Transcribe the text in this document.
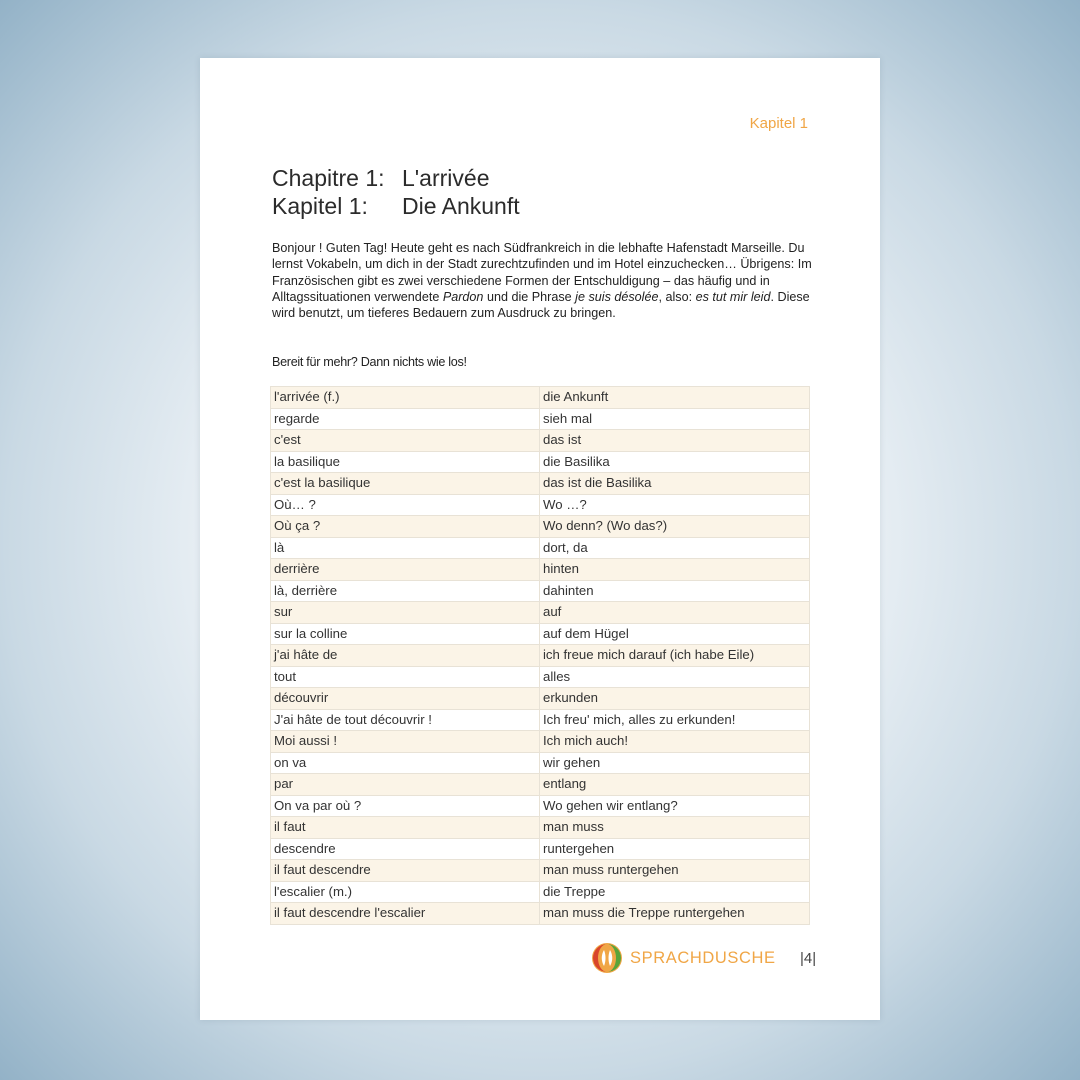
Kapitel 1
Chapitre 1: L'arrivée
Kapitel 1:	Die Ankunft
Bonjour ! Guten Tag! Heute geht es nach Südfrankreich in die lebhafte Hafenstadt Marseille. Du lernst Vokabeln, um dich in der Stadt zurechtzufinden und im Hotel einzuchecken… Übrigens: Im Französischen gibt es zwei verschiedene Formen der Entschuldigung – das häufig und in Alltagssituationen verwendete Pardon und die Phrase je suis désolée, also: es tut mir leid. Diese wird benutzt, um tieferes Bedauern zum Ausdruck zu bringen.
Bereit für mehr? Dann nichts wie los!
l'arrivée (f.)	die Ankunft
regarde	sieh mal
c'est	das ist
la basilique	die Basilika
c'est la basilique	das ist die Basilika
Où… ?	Wo …?
Où ça ?	Wo denn? (Wo das?)
là	dort, da
derrière	hinten
là, derrière	dahinten
sur	auf
sur la colline	auf dem Hügel
j'ai hâte de	ich freue mich darauf (ich habe Eile)
tout	alles
découvrir	erkunden
J'ai hâte de tout découvrir !	Ich freu' mich, alles zu erkunden!
Moi aussi !	Ich mich auch!
on va	wir gehen
par	entlang
On va par où ?	Wo gehen wir entlang?
il faut	man muss
descendre	runtergehen
il faut descendre	man muss runtergehen
l'escalier (m.)	die Treppe
il faut descendre l'escalier	man muss die Treppe runtergehen
SPRACHDUSCHE |4|
